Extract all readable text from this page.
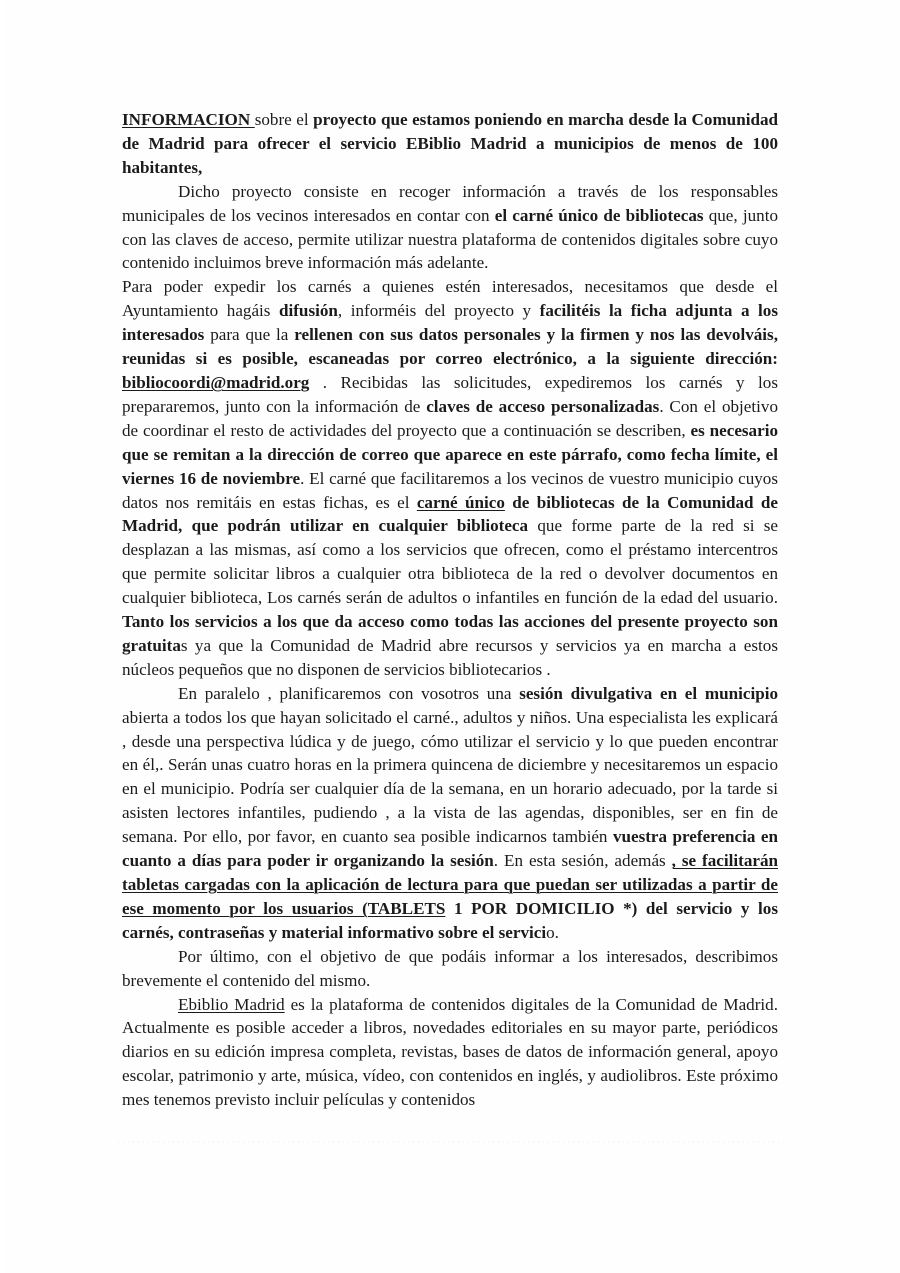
INFORMACION sobre el proyecto que estamos poniendo en marcha desde la Comunidad de Madrid para ofrecer el servicio EBiblio Madrid a municipios de menos de 100 habitantes,

Dicho proyecto consiste en recoger información a través de los responsables municipales de los vecinos interesados en contar con el carné único de bibliotecas que, junto con las claves de acceso, permite utilizar nuestra plataforma de contenidos digitales sobre cuyo contenido incluimos breve información más adelante.

Para poder expedir los carnés a quienes estén interesados, necesitamos que desde el Ayuntamiento hagáis difusión, informéis del proyecto y facilitéis la ficha adjunta a los interesados para que la rellenen con sus datos personales y la firmen y nos las devolváis, reunidas si es posible, escaneadas por correo electrónico, a la siguiente dirección: bibliocoordi@madrid.org . Recibidas las solicitudes, expediremos los carnés y los prepararemos, junto con la información de claves de acceso personalizadas. Con el objetivo de coordinar el resto de actividades del proyecto que a continuación se describen, es necesario que se remitan a la dirección de correo que aparece en este párrafo, como fecha límite, el viernes 16 de noviembre. El carné que facilitaremos a los vecinos de vuestro municipio cuyos datos nos remitáis en estas fichas, es el carné único de bibliotecas de la Comunidad de Madrid, que podrán utilizar en cualquier biblioteca que forme parte de la red si se desplazan a las mismas, así como a los servicios que ofrecen, como el préstamo intercentros que permite solicitar libros a cualquier otra biblioteca de la red o devolver documentos en cualquier biblioteca, Los carnés serán de adultos o infantiles en función de la edad del usuario. Tanto los servicios a los que da acceso como todas las acciones del presente proyecto son gratuitas ya que la Comunidad de Madrid abre recursos y servicios ya en marcha a estos núcleos pequeños que no disponen de servicios bibliotecarios .

En paralelo , planificaremos con vosotros una sesión divulgativa en el municipio abierta a todos los que hayan solicitado el carné., adultos y niños. Una especialista les explicará , desde una perspectiva lúdica y de juego, cómo utilizar el servicio y lo que pueden encontrar en él,. Serán unas cuatro horas en la primera quincena de diciembre y necesitaremos un espacio en el municipio. Podría ser cualquier día de la semana, en un horario adecuado, por la tarde si asisten lectores infantiles, pudiendo , a la vista de las agendas, disponibles, ser en fin de semana. Por ello, por favor, en cuanto sea posible indicarnos también vuestra preferencia en cuanto a días para poder ir organizando la sesión. En esta sesión, además , se facilitarán tabletas cargadas con la aplicación de lectura para que puedan ser utilizadas a partir de ese momento por los usuarios (TABLETS 1 POR DOMICILIO *) del servicio y los carnés, contraseñas y material informativo sobre el servicio.

Por último, con el objetivo de que podáis informar a los interesados, describimos brevemente el contenido del mismo.

Ebiblio Madrid es la plataforma de contenidos digitales de la Comunidad de Madrid. Actualmente es posible acceder a libros, novedades editoriales en su mayor parte, periódicos diarios en su edición impresa completa, revistas, bases de datos de información general, apoyo escolar, patrimonio y arte, música, vídeo, con contenidos en inglés, y audiolibros. Este próximo mes tenemos previsto incluir películas y contenidos
